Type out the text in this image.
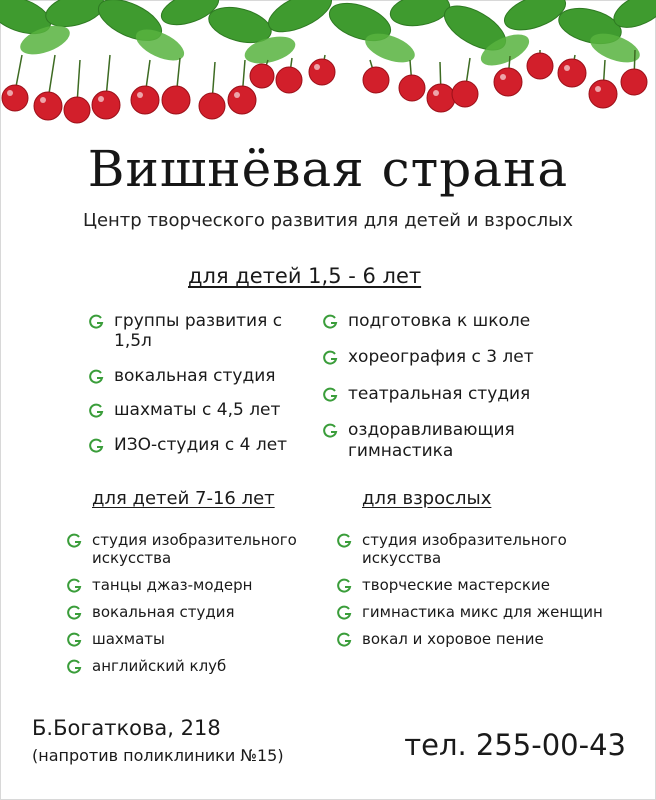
Вишнёвая страна
Центр творческого развития для детей и взрослых
для детей 1,5 - 6 лет
группы развития с 1,5л
вокальная студия
шахматы с 4,5 лет
ИЗО-студия с 4 лет
подготовка к школе
хореография с 3 лет
театральная студия
оздоравливающия гимнастика
для детей 7-16 лет	для взрослых
студия изобразительного искусства
танцы джаз-модерн
вокальная студия
шахматы
английский клуб
студия изобразительного искусства
творческие мастерские
гимнастика микс для женщин
вокал и хоровое пение
Б.Богаткова, 218
(напротив поликлиники №15)	тел. 255-00-43
